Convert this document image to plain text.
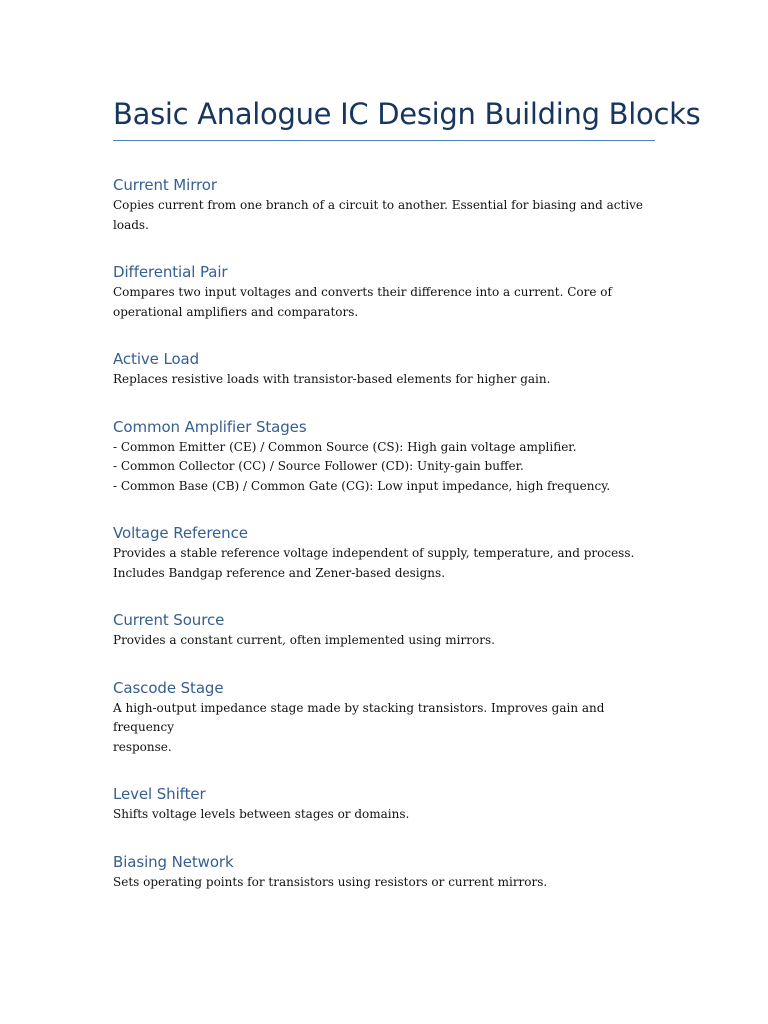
Basic Analogue IC Design Building Blocks
Current Mirror

Copies current from one branch of a circuit to another. Essential for biasing and active
loads.

Differential Pair

Compares two input voltages and converts their difference into a current. Core of
operational amplifiers and comparators.

Active Load

Replaces resistive loads with transistor-based elements for higher gain.

Common Amplifier Stages

- Common Emitter (CE) / Common Source (CS): High gain voltage amplifier.
- Common Collector (CC) / Source Follower (CD): Unity-gain buffer.
- Common Base (CB) / Common Gate (CG): Low input impedance, high frequency.

Voltage Reference

Provides a stable reference voltage independent of supply, temperature, and process.
Includes Bandgap reference and Zener-based designs.

Current Source

Provides a constant current, often implemented using mirrors.

Cascode Stage

A high-output impedance stage made by stacking transistors. Improves gain and frequency
response.

Level Shifter

Shifts voltage levels between stages or domains.

Biasing Network

Sets operating points for transistors using resistors or current mirrors.
